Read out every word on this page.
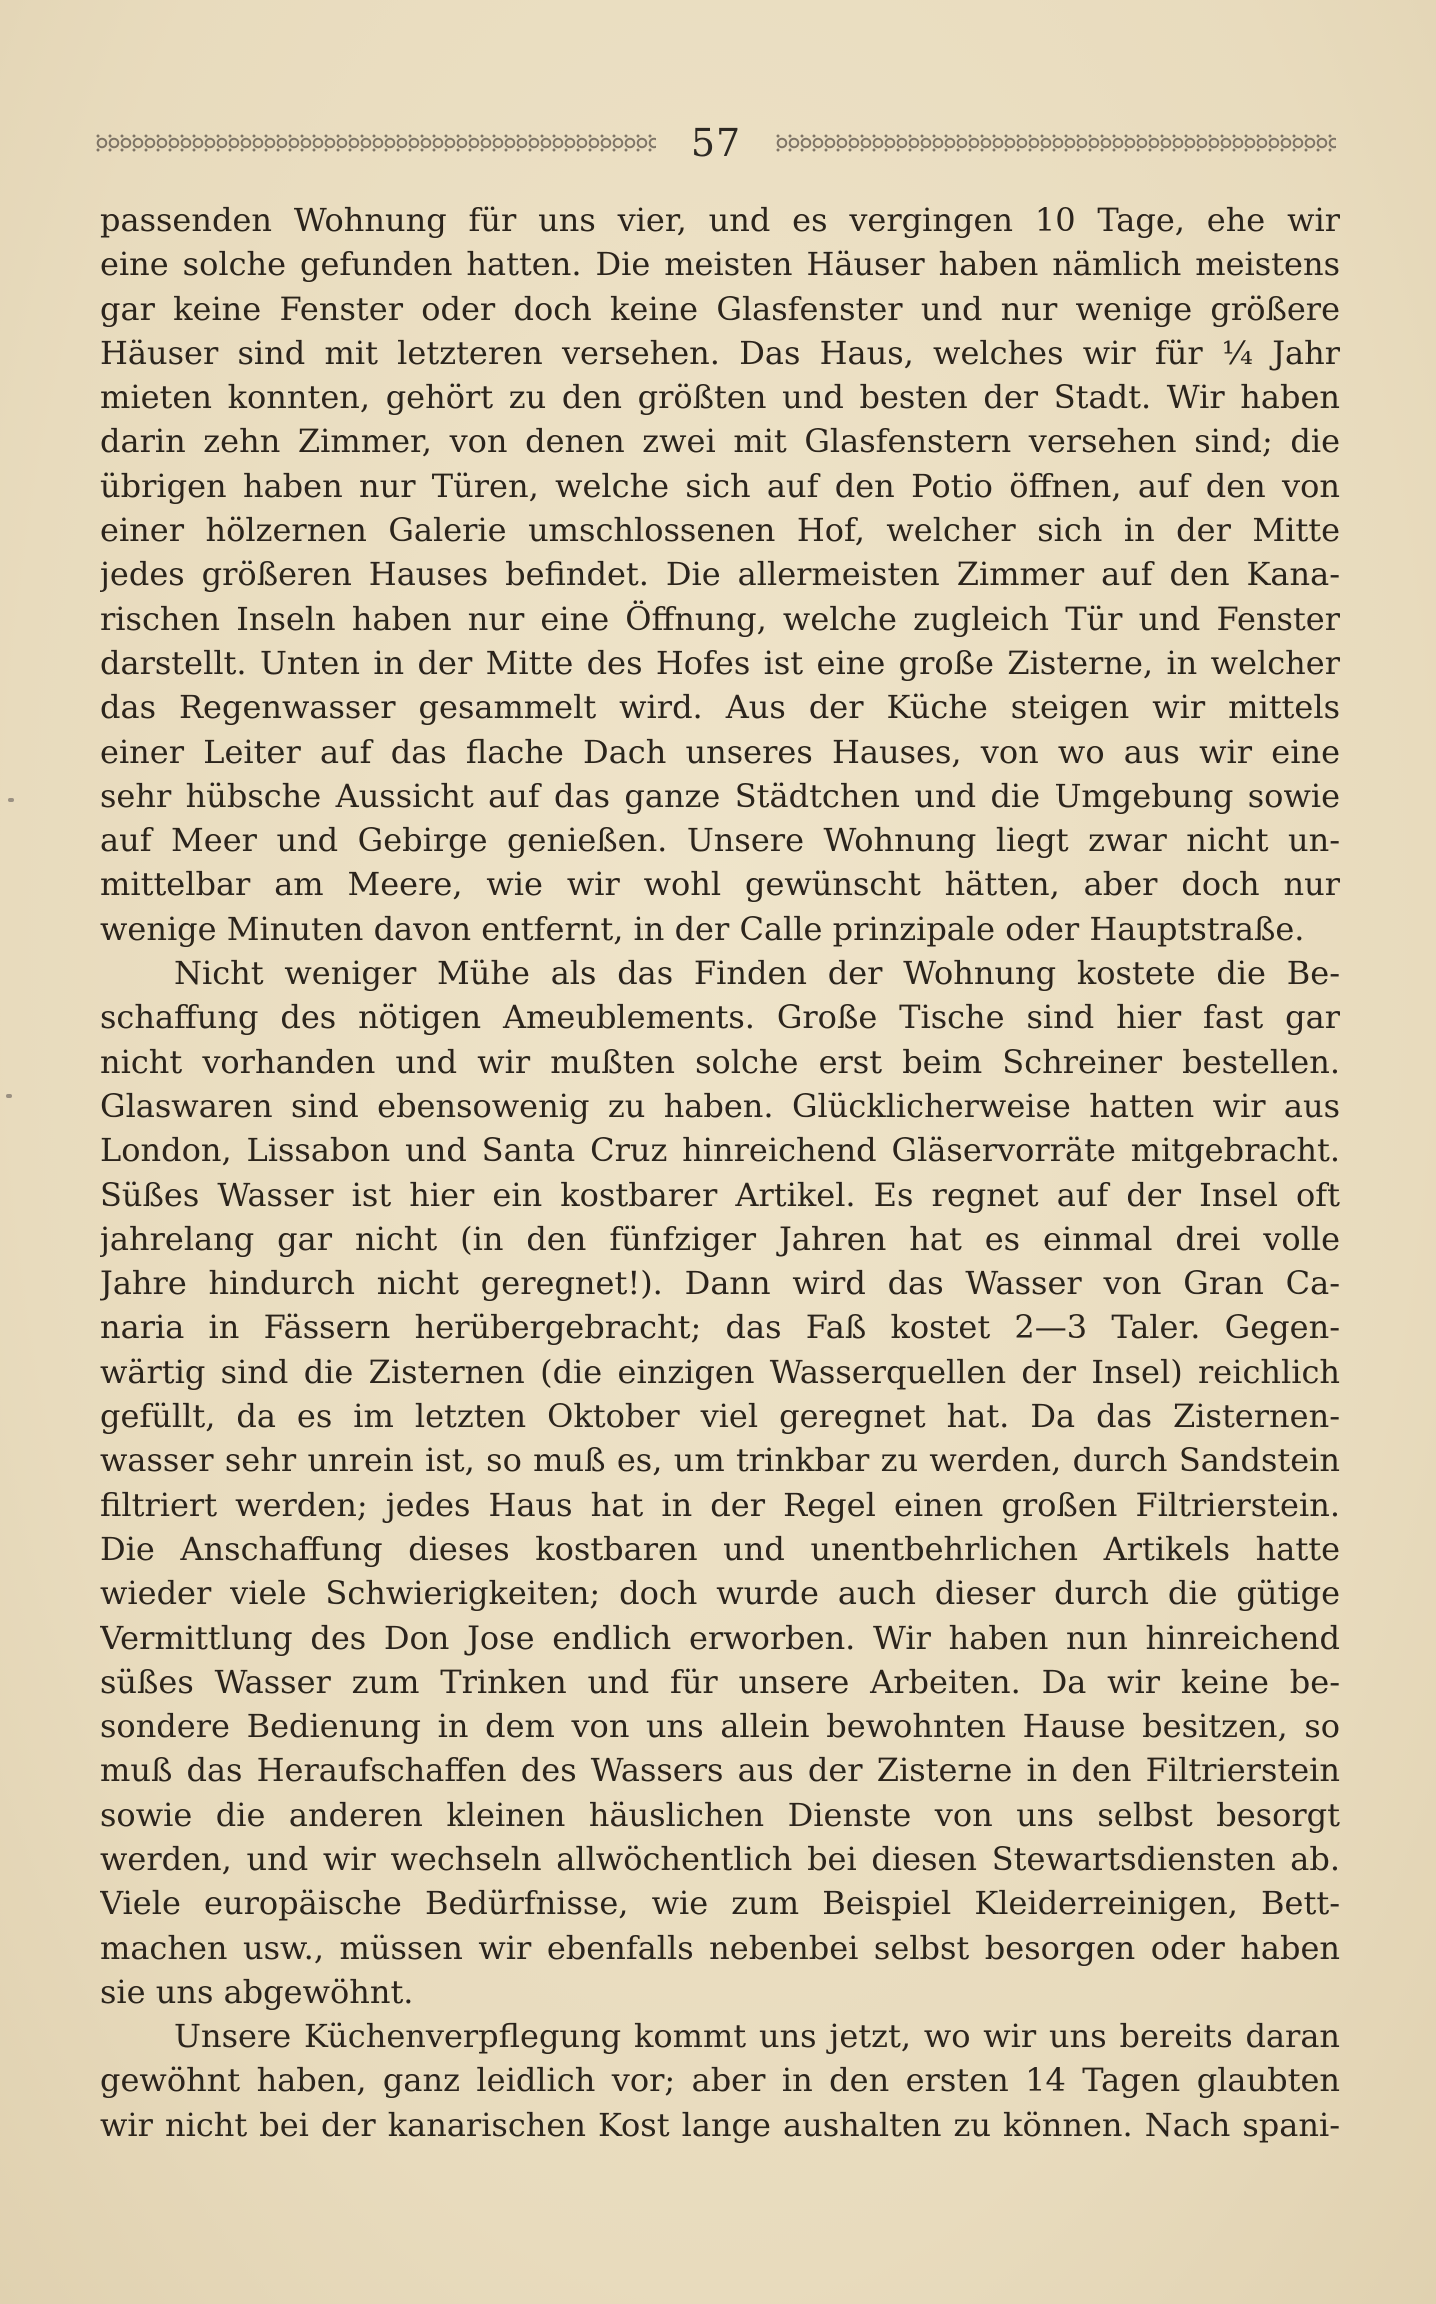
57
passenden Wohnung für uns vier, und es vergingen 10 Tage, ehe wir
eine solche gefunden hatten. Die meisten Häuser haben nämlich meistens
gar keine Fenster oder doch keine Glasfenster und nur wenige größere
Häuser sind mit letzteren versehen. Das Haus, welches wir für ¼ Jahr
mieten konnten, gehört zu den größten und besten der Stadt. Wir haben
darin zehn Zimmer, von denen zwei mit Glasfenstern versehen sind; die
übrigen haben nur Türen, welche sich auf den Potio öffnen, auf den von
einer hölzernen Galerie umschlossenen Hof, welcher sich in der Mitte
jedes größeren Hauses befindet. Die allermeisten Zimmer auf den Kana-
rischen Inseln haben nur eine Öffnung, welche zugleich Tür und Fenster
darstellt. Unten in der Mitte des Hofes ist eine große Zisterne, in welcher
das Regenwasser gesammelt wird. Aus der Küche steigen wir mittels
einer Leiter auf das flache Dach unseres Hauses, von wo aus wir eine
sehr hübsche Aussicht auf das ganze Städtchen und die Umgebung sowie
auf Meer und Gebirge genießen. Unsere Wohnung liegt zwar nicht un-
mittelbar am Meere, wie wir wohl gewünscht hätten, aber doch nur
wenige Minuten davon entfernt, in der Calle prinzipale oder Hauptstraße.
Nicht weniger Mühe als das Finden der Wohnung kostete die Be-
schaffung des nötigen Ameublements. Große Tische sind hier fast gar
nicht vorhanden und wir mußten solche erst beim Schreiner bestellen.
Glaswaren sind ebensowenig zu haben. Glücklicherweise hatten wir aus
London, Lissabon und Santa Cruz hinreichend Gläservorräte mitgebracht.
Süßes Wasser ist hier ein kostbarer Artikel. Es regnet auf der Insel oft
jahrelang gar nicht (in den fünfziger Jahren hat es einmal drei volle
Jahre hindurch nicht geregnet!). Dann wird das Wasser von Gran Ca-
naria in Fässern herübergebracht; das Faß kostet 2—3 Taler. Gegen-
wärtig sind die Zisternen (die einzigen Wasserquellen der Insel) reichlich
gefüllt, da es im letzten Oktober viel geregnet hat. Da das Zisternen-
wasser sehr unrein ist, so muß es, um trinkbar zu werden, durch Sandstein
filtriert werden; jedes Haus hat in der Regel einen großen Filtrierstein.
Die Anschaffung dieses kostbaren und unentbehrlichen Artikels hatte
wieder viele Schwierigkeiten; doch wurde auch dieser durch die gütige
Vermittlung des Don Jose endlich erworben. Wir haben nun hinreichend
süßes Wasser zum Trinken und für unsere Arbeiten. Da wir keine be-
sondere Bedienung in dem von uns allein bewohnten Hause besitzen, so
muß das Heraufschaffen des Wassers aus der Zisterne in den Filtrierstein
sowie die anderen kleinen häuslichen Dienste von uns selbst besorgt
werden, und wir wechseln allwöchentlich bei diesen Stewartsdiensten ab.
Viele europäische Bedürfnisse, wie zum Beispiel Kleiderreinigen, Bett-
machen usw., müssen wir ebenfalls nebenbei selbst besorgen oder haben
sie uns abgewöhnt.
Unsere Küchenverpflegung kommt uns jetzt, wo wir uns bereits daran
gewöhnt haben, ganz leidlich vor; aber in den ersten 14 Tagen glaubten
wir nicht bei der kanarischen Kost lange aushalten zu können. Nach spani-
